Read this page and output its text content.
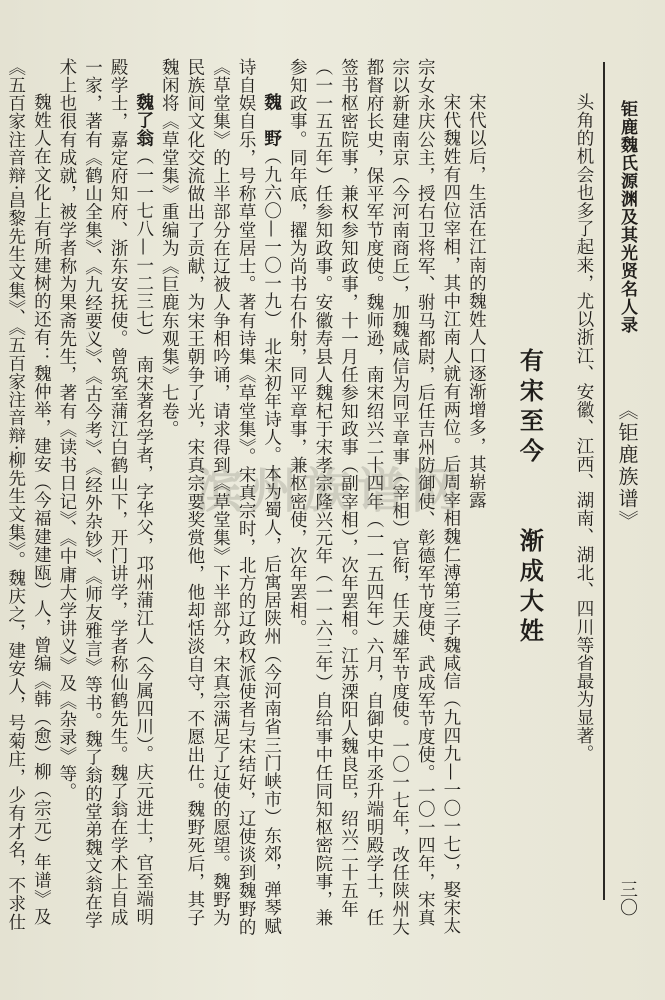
钜鹿魏氏源渊及其光贤名人录
《钜鹿族谱》
三〇

头角的机会也多了起来，尤以浙江、安徽、江西、湖南、湖北、四川等省最为显著。

有宋至今　　渐成大姓

宋代以后，生活在江南的魏姓人口逐渐增多，其崭露

宋代魏姓有四位宰相，其中江南人就有两位。后周宰相魏仁溥第三子魏咸信（九四九—一〇一七），娶宋太宗女永庆公主，授右卫将军、驸马都尉，后任吉州防御使、彰德军节度使、武成军节度使。一〇一四年，宋真宗以新建南京（今河南商丘），加魏咸信为同平章事（宰相）官衔，任天雄军节度使。一〇一七年，改任陕州大都督府长史，保平军节度使。魏师逊，南宋绍兴二十四年（一一五四年）六月，自御史中丞升端明殿学士，任签书枢密院事，兼权参知政事，十一月任参知政事（副宰相），次年罢相。江苏溧阳人魏良臣，绍兴二十五年（一一五五年）任参知政事。安徽寿县人魏杞于宋孝宗隆兴元年（一一六三年）自给事中任同知枢密院事，兼参知政事。同年底，擢为尚书右仆射，同平章事，兼枢密使，次年罢相。

魏　野（九六〇—一〇一九）　北宋初年诗人。本为蜀人，后寓居陕州（今河南省三门峡市）东郊，弹琴赋诗自娱自乐，号称草堂居士。著有诗集《草堂集》。宋真宗时，北方的辽政权派使者与宋结好，辽使谈到魏野的《草堂集》的上半部分在辽被人争相吟诵，请求得到《草堂集》下半部分，宋真宗满足了辽使的愿望。魏野为民族间文化交流做出了贡献，为宋王朝争了光，宋真宗要奖赏他，他却恬淡自守，不愿出仕。魏野死后，其子魏闲将《草堂集》重编为《巨鹿东观集》七卷。

魏了翁（一一七八—一二三七）　南宋著名学者，字华父，邛州蒲江人（今属四川）。庆元进士，官至端明殿学士，嘉定府知府、浙东安抚使。曾筑室蒲江白鹤山下，开门讲学，学者称仙鹤先生。魏了翁在学术上自成一家，著有《鹤山全集》、《九经要义》、《古今考》、《经外杂钞》、《师友雅言》等书。魏了翁的堂弟魏文翁在学术上也很有成就，被学者称为果斋先生，著有《读书日记》、《中庸大学讲义》及《杂录》等。

魏姓人在文化上有所建树的还有：魏仲举，建安（今福建建瓯）人，曾编《韩（愈）柳（宗元）年谱》及《五百家注音辩·昌黎先生文集》、《五百家注音辩·柳先生文集》。魏庆之，建安人，号菊庄，少有才名，不求仕

滨州族谱网
